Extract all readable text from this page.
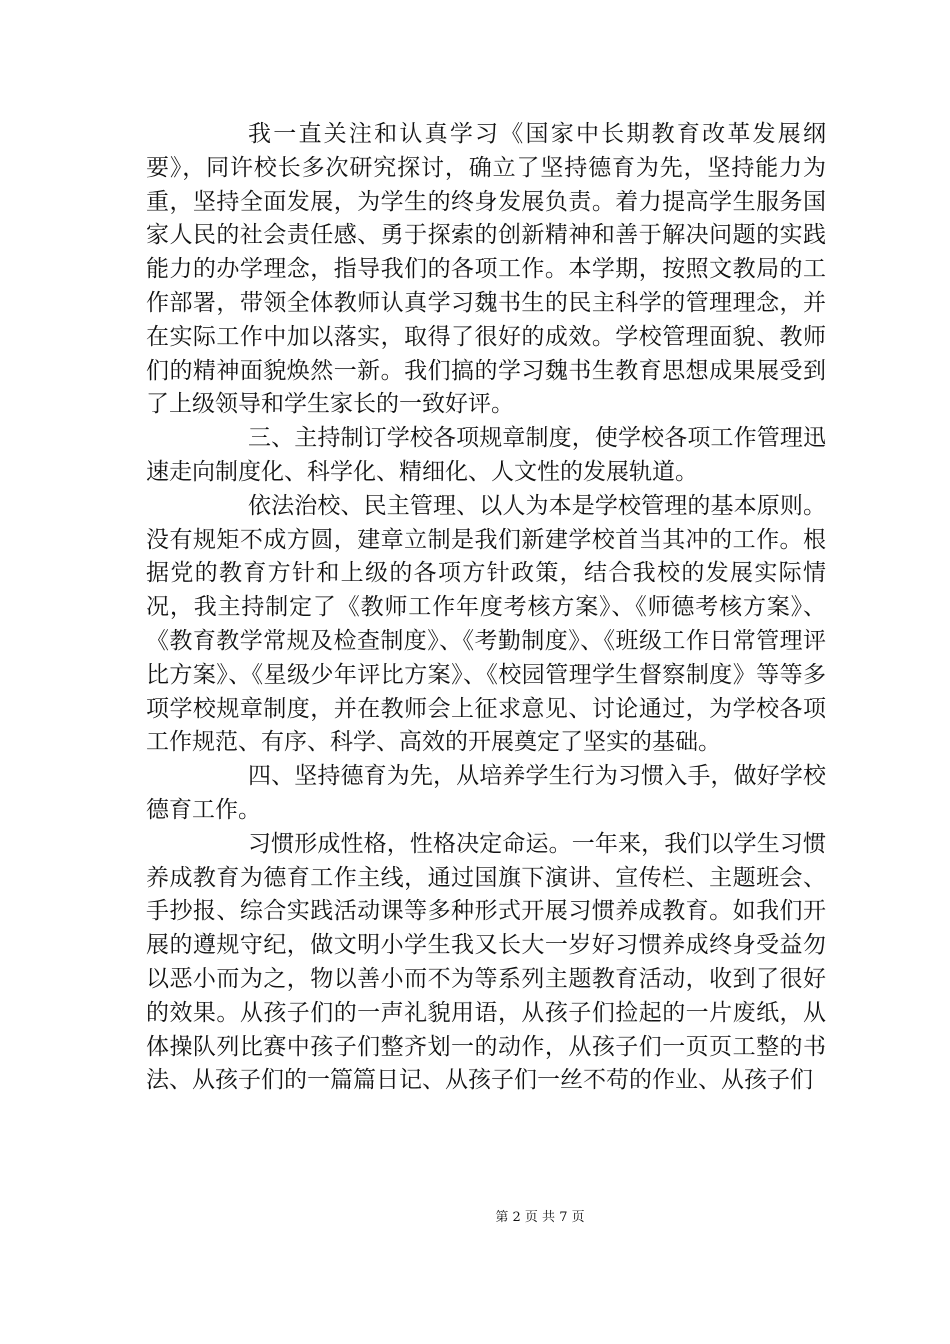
我一直关注和认真学习《国家中长期教育改革发展纲要》，同许校长多次研究探讨，确立了坚持德育为先，坚持能力为重，坚持全面发展，为学生的终身发展负责。着力提高学生服务国家人民的社会责任感、勇于探索的创新精神和善于解决问题的实践能力的办学理念，指导我们的各项工作。本学期，按照文教局的工作部署，带领全体教师认真学习魏书生的民主科学的管理理念，并在实际工作中加以落实，取得了很好的成效。学校管理面貌、教师们的精神面貌焕然一新。我们搞的学习魏书生教育思想成果展受到了上级领导和学生家长的一致好评。

三、主持制订学校各项规章制度，使学校各项工作管理迅速走向制度化、科学化、精细化、人文性的发展轨道。

依法治校、民主管理、以人为本是学校管理的基本原则。没有规矩不成方圆，建章立制是我们新建学校首当其冲的工作。根据党的教育方针和上级的各项方针政策，结合我校的发展实际情况，我主持制定了《教师工作年度考核方案》、《师德考核方案》、《教育教学常规及检查制度》、《考勤制度》、《班级工作日常管理评比方案》、《星级少年评比方案》、《校园管理学生督察制度》等等多项学校规章制度，并在教师会上征求意见、讨论通过，为学校各项工作规范、有序、科学、高效的开展奠定了坚实的基础。

四、坚持德育为先，从培养学生行为习惯入手，做好学校德育工作。

习惯形成性格，性格决定命运。一年来，我们以学生习惯养成教育为德育工作主线，通过国旗下演讲、宣传栏、主题班会、手抄报、综合实践活动课等多种形式开展习惯养成教育。如我们开展的遵规守纪，做文明小学生我又长大一岁好习惯养成终身受益勿以恶小而为之，物以善小而不为等系列主题教育活动，收到了很好的效果。从孩子们的一声礼貌用语，从孩子们捡起的一片废纸，从体操队列比赛中孩子们整齐划一的动作，从孩子们一页页工整的书法、从孩子们的一篇篇日记、从孩子们一丝不苟的作业、从孩子们

第 2 页 共 7 页
